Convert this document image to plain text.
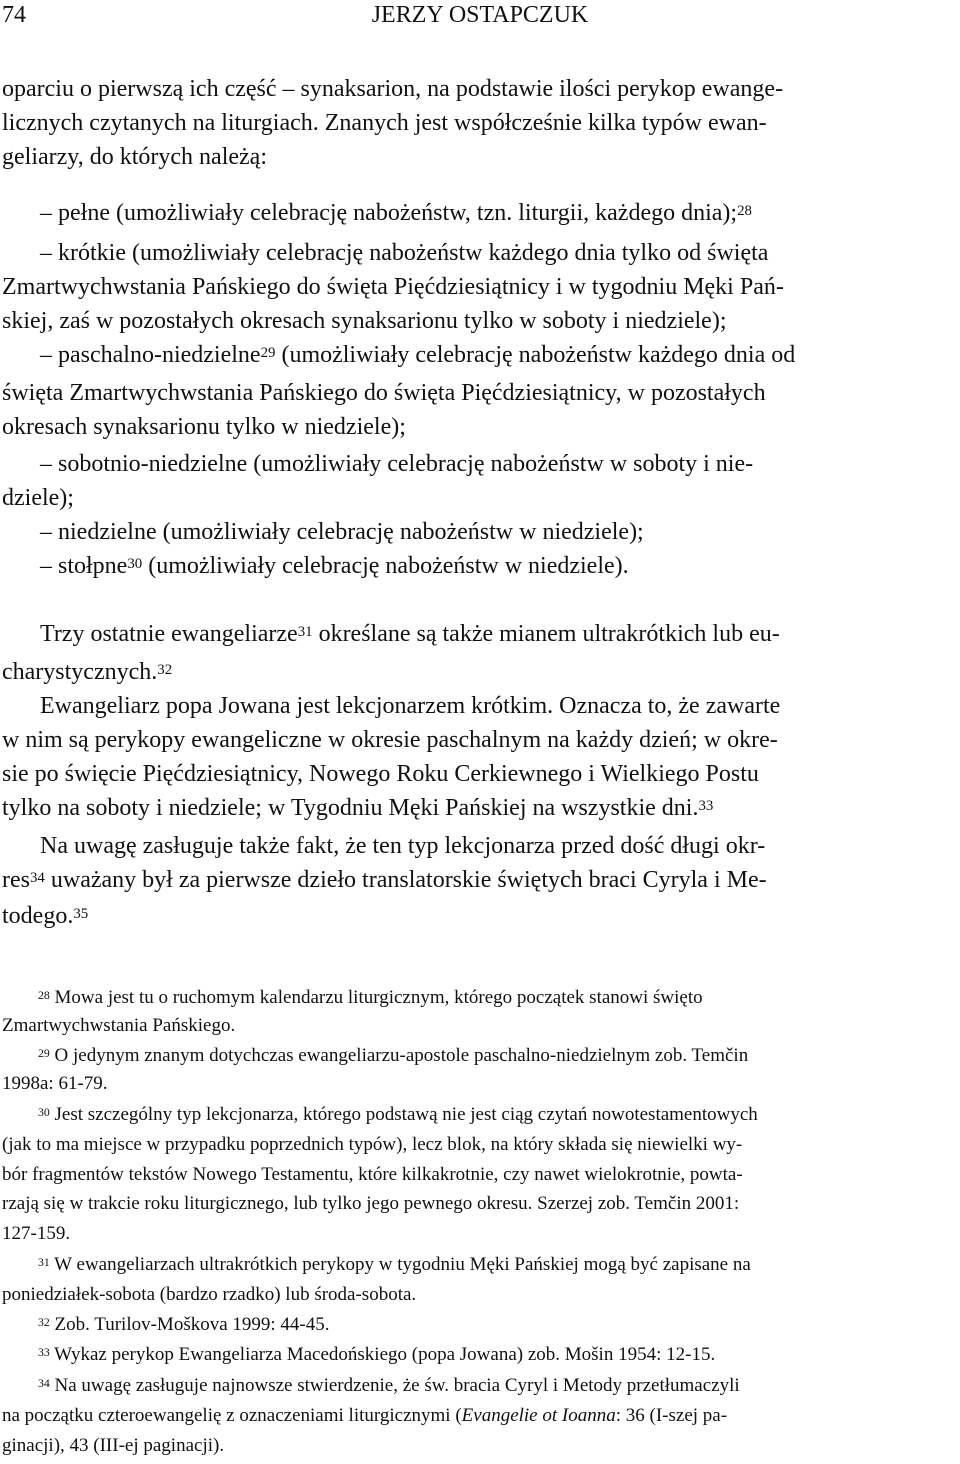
74	JERZY OSTAPCZUK
oparciu o pierwszą ich część – synaksarion, na podstawie ilości perykop ewange-
licznych czytanych na liturgiach. Znanych jest współcześnie kilka typów ewan-
geliarzy, do których należą:
– pełne (umożliwiały celebrację nabożeństw, tzn. liturgii, każdego dnia);$^{28}$
– krótkie (umożliwiały celebrację nabożeństw każdego dnia tylko od święta
Zmartwychwstania Pańskiego do święta Pięćdziesiątnicy i w tygodniu Męki Pań-
skiej, zaś w pozostałych okresach synaksarionu tylko w soboty i niedziele);
– paschalno-niedzielne$^{29}$ (umożliwiały celebrację nabożeństw każdego dnia od
święta Zmartwychwstania Pańskiego do święta Pięćdziesiątnicy, w pozostałych
okresach synaksarionu tylko w niedziele);
– sobotnio-niedzielne (umożliwiały celebrację nabożeństw w soboty i nie-
dziele);
– niedzielne (umożliwiały celebrację nabożeństw w niedziele);
– stołpne$^{30}$ (umożliwiały celebrację nabożeństw w niedziele).
Trzy ostatnie ewangeliarze$^{31}$ określane są także mianem ultrakrótkich lub eu-
charystycznych.$^{32}$
Ewangeliarz popa Jowana jest lekcjonarzem krótkim. Oznacza to, że zawarte
w nim są perykopy ewangeliczne w okresie paschalnym na każdy dzień; w okre-
sie po święcie Pięćdziesiątnicy, Nowego Roku Cerkiewnego i Wielkiego Postu
tylko na soboty i niedziele; w Tygodniu Męki Pańskiej na wszystkie dni.$^{33}$
Na uwagę zasługuje także fakt, że ten typ lekcjonarza przed dość długi okr-
res$^{34}$ uważany był za pierwsze dzieło translatorskie świętych braci Cyryla i Me-
todego.$^{35}$
$^{28}$ Mowa jest tu o ruchomym kalendarzu liturgicznym, którego początek stanowi święto
Zmartwychwstania Pańskiego.
$^{29}$ O jedynym znanym dotychczas ewangeliarzu-apostole paschalno-niedzielnym zob. Temčin
1998a: 61-79.
$^{30}$ Jest szczególny typ lekcjonarza, którego podstawą nie jest ciąg czytań nowotestamentowych
(jak to ma miejsce w przypadku poprzednich typów), lecz blok, na który składa się niewielki wy-
bór fragmentów tekstów Nowego Testamentu, które kilkakrotnie, czy nawet wielokrotnie, powta-
rzają się w trakcie roku liturgicznego, lub tylko jego pewnego okresu. Szerzej zob. Temčin 2001:
127-159.
$^{31}$ W ewangeliarzach ultrakrótkich perykopy w tygodniu Męki Pańskiej mogą być zapisane na
poniedziałek-sobota (bardzo rzadko) lub środa-sobota.
$^{32}$ Zob. Turilov-Moškova 1999: 44-45.
$^{33}$ Wykaz perykop Ewangeliarza Macedońskiego (popa Jowana) zob. Mošin 1954: 12-15.
$^{34}$ Na uwagę zasługuje najnowsze stwierdzenie, że św. bracia Cyryl i Metody przetłumaczyli
na początku czteroewangelię z oznaczeniami liturgicznymi (Evangelie ot Ioanna: 36 (I-szej pa-
ginacji), 43 (III-ej paginacji).
